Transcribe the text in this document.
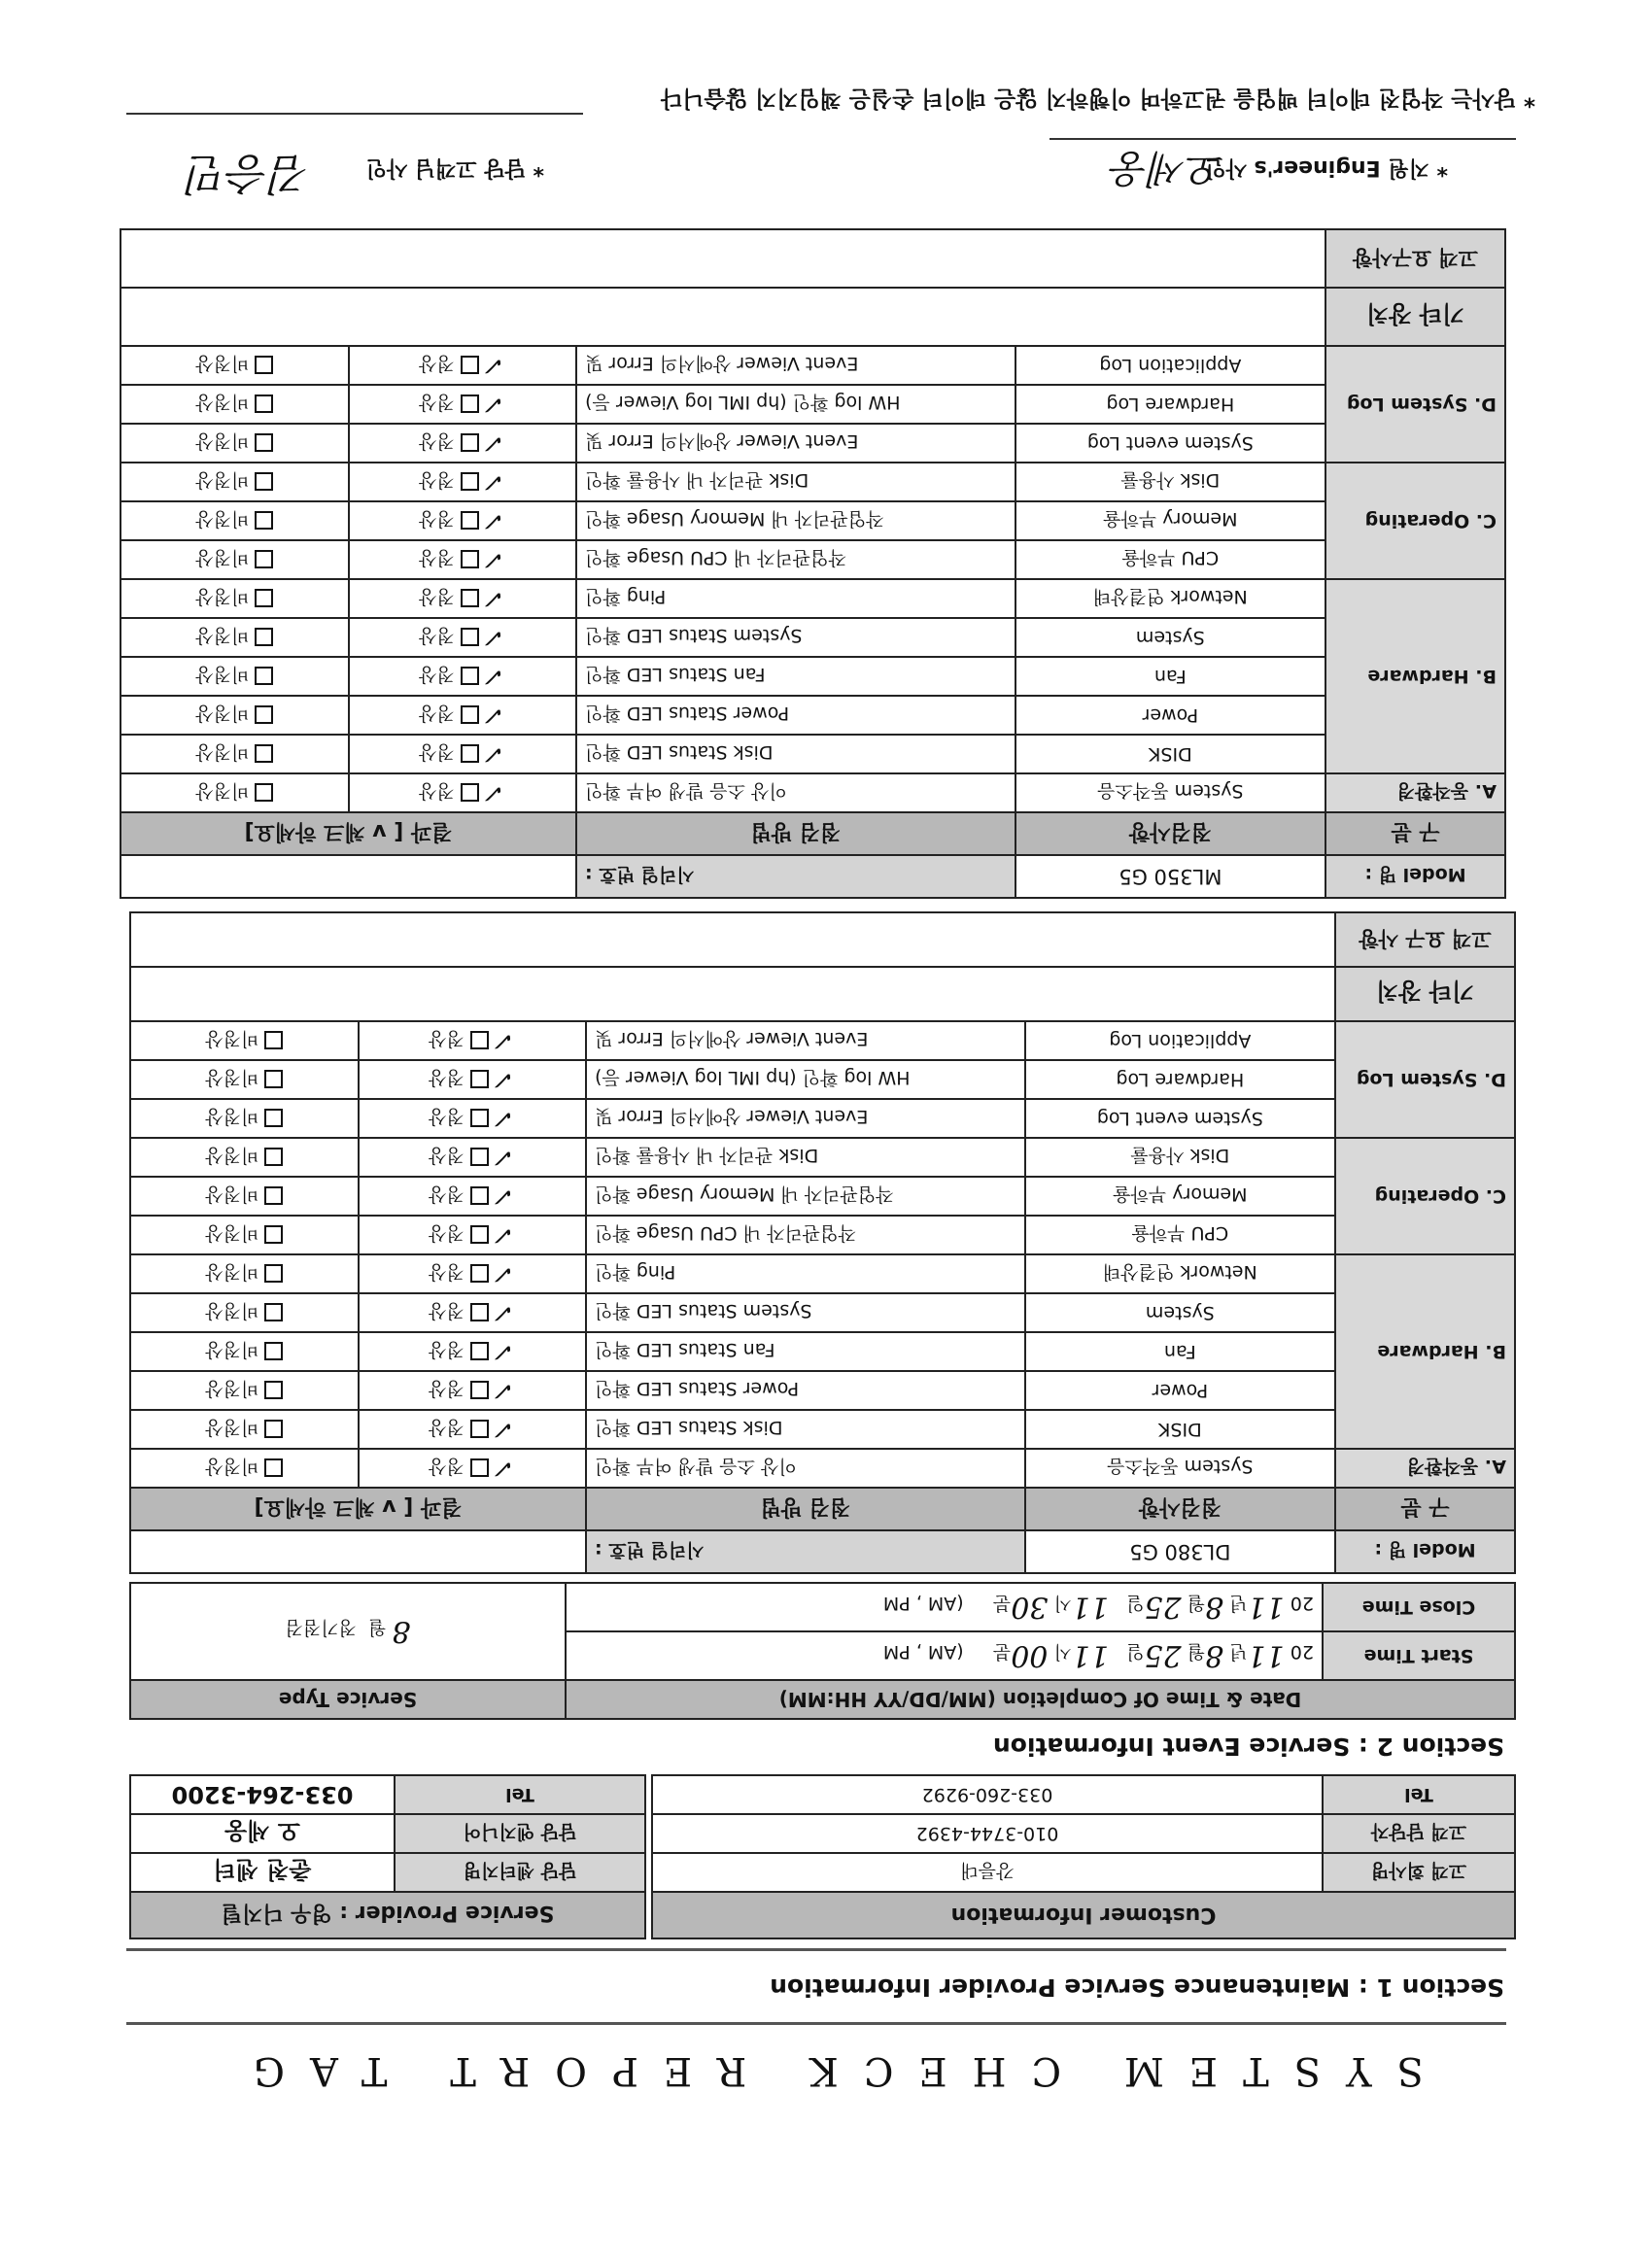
SYSTEM CHECK REPORT TAG
Section 1 : Maintenance Service Provider Information
Customer Information	
고객 회사명	강릉대
고객 담당자	010-3744-4392
Tel	033-260-9292
Service Provider : 영우 디지털	
담당 센터지명	춘천 센터
담당 엔지니어	오 세웅
Tel	033-264-3200
Section 2 : Service Event Information
Date & Time Of Completion (MM/DD/YY HH:MM)		Service Type
Start Time	20 11년 8월 25일   11시 00분     (AM , PM	8 월  정기점검
Close Time	20 11년 8월 25일   11시 30분     (AM , PM	
Model 명 :	DL380 G5	시리얼 번호 :		
구 분	점검사항	점검 방법	결과 [ v 체크 하세요]	
A. 동작환경	System 동작소음	이상 소음 발생 여부 확인	✓정상	비정상
B. Hardware	DISK	Disk Status LED 확인	✓정상	비정상
	Power	Power Status LED 확인	✓정상	비정상
	Fan	Fan Status LED 확인	✓정상	비정상
	System	System Status LED 확인	✓정상	비정상
	Network 연결상태	Ping 확인	✓정상	비정상
C. Operating	CPU 부하율	작업관리자 내 CPU Usage 확인	✓정상	비정상
	Memory 부하율	작업관리자 내 Memory Usage 확인	✓정상	비정상
	Disk 사용률	Disk 관리자 내 사용률 확인	✓정상	비정상
D. System Log	System event Log	Event Viewer 상에서의 Error 및	✓정상	비정상
	Hardware Log	HW log 확인 (hp IML log Viewer 등)	✓정상	비정상
	Application Log	Event Viewer 상에서의 Error 및	✓정상	비정상
기타 장치				
고객 요구 사항				
Model 명 :	ML350 G5	시리얼 번호 :		
구 분	점검사항	점검 방법	결과 [ v 체크 하세요]	
A. 동작환경	System 동작소음	이상 소음 발생 여부 확인	✓정상	비정상
B. Hardware	DISK	Disk Status LED 확인	✓정상	비정상
	Power	Power Status LED 확인	✓정상	비정상
	Fan	Fan Status LED 확인	✓정상	비정상
	System	System Status LED 확인	✓정상	비정상
	Network 연결상태	Ping 확인	✓정상	비정상
C. Operating	CPU 부하율	작업관리자 내 CPU Usage 확인	✓정상	비정상
	Memory 부하율	작업관리자 내 Memory Usage 확인	✓정상	비정상
	Disk 사용률	Disk 관리자 내 사용률 확인	✓정상	비정상
D. System Log	System event Log	Event Viewer 상에서의 Error 및	✓정상	비정상
	Hardware Log	HW log 확인 (hp IML log Viewer 등)	✓정상	비정상
	Application Log	Event Viewer 상에서의 Error 및	✓정상	비정상
기타 장치				
고객 요구사항				
* 지원 Engineer's 사인
오세웅
* 담당 고객님 사인
김승민
* 당사는 작업전 데이터 백업을 권고하며 이행하지 않은 데이터 손실은 책임지지 않습니다
